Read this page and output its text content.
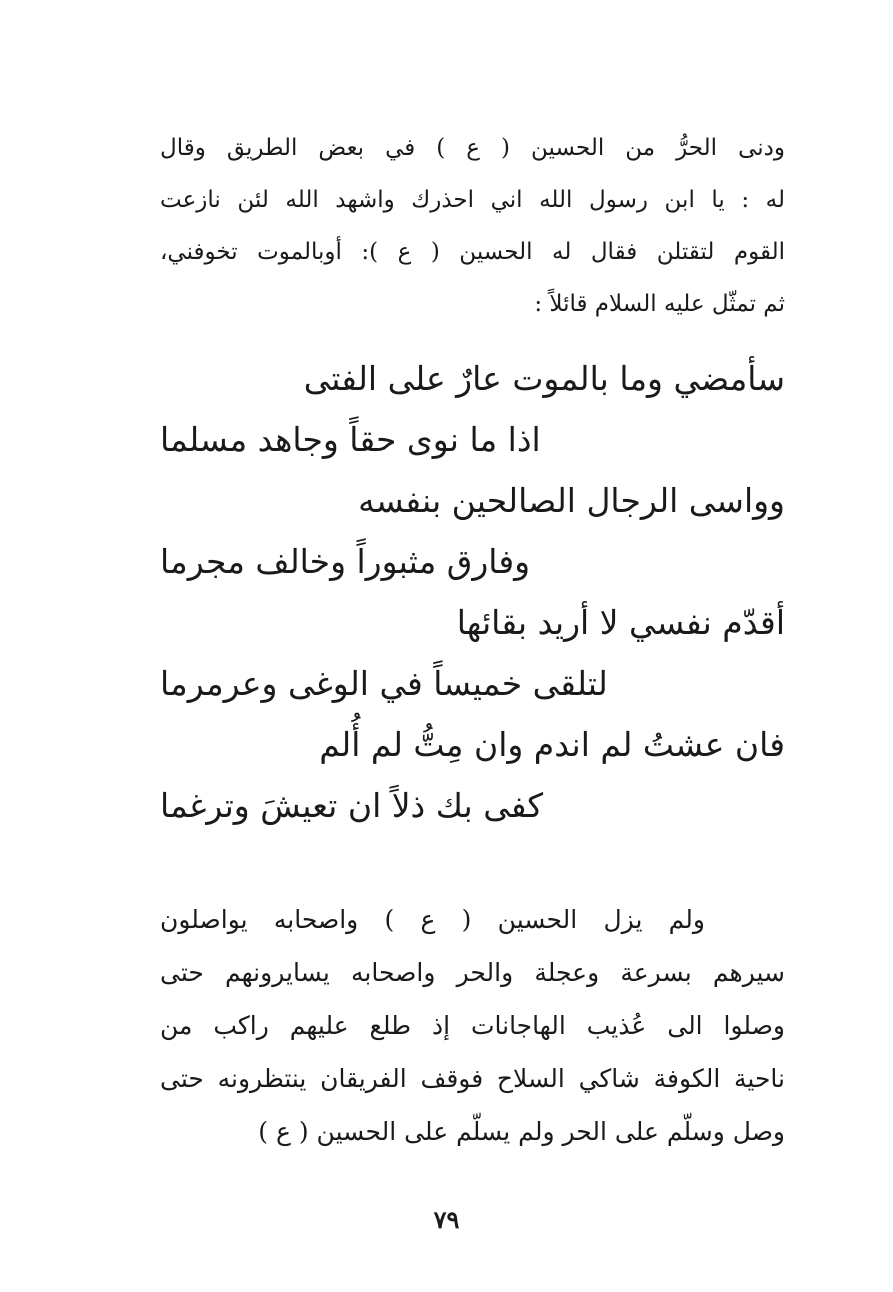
ودنى الحرُّ من الحسين ( ع ) في بعض الطريق وقال
له : يا ابن رسول الله اني احذرك واشهد الله لئن نازعت
القوم لتقتلن فقال له الحسين ( ع ): أوبالموت تخوفني،
ثم تمثّل عليه السلام قائلاً :
سأمضي وما بالموت عارٌ على الفتى
اذا ما نوى حقاً وجاهد مسلما
وواسى الرجال الصالحين بنفسه
وفارق مثبوراً وخالف مجرما
أقدّم نفسي لا أريد بقائها
لتلقى خميساً في الوغى وعرمرما
فان عشتُ لم اندم وان مِتُّ لم أُلم
كفى بك ذلاً ان تعيشَ وترغما
ولم يزل الحسين ( ع ) واصحابه يواصلون
سيرهم بسرعة وعجلة والحر واصحابه يسايرونهم حتى
وصلوا الى عُذيب الهاجانات إذ طلع عليهم راكب من
ناحية الكوفة شاكي السلاح فوقف الفريقان ينتظرونه حتى
وصل وسلّم على الحر ولم يسلّم على الحسين ( ع )
٧٩
